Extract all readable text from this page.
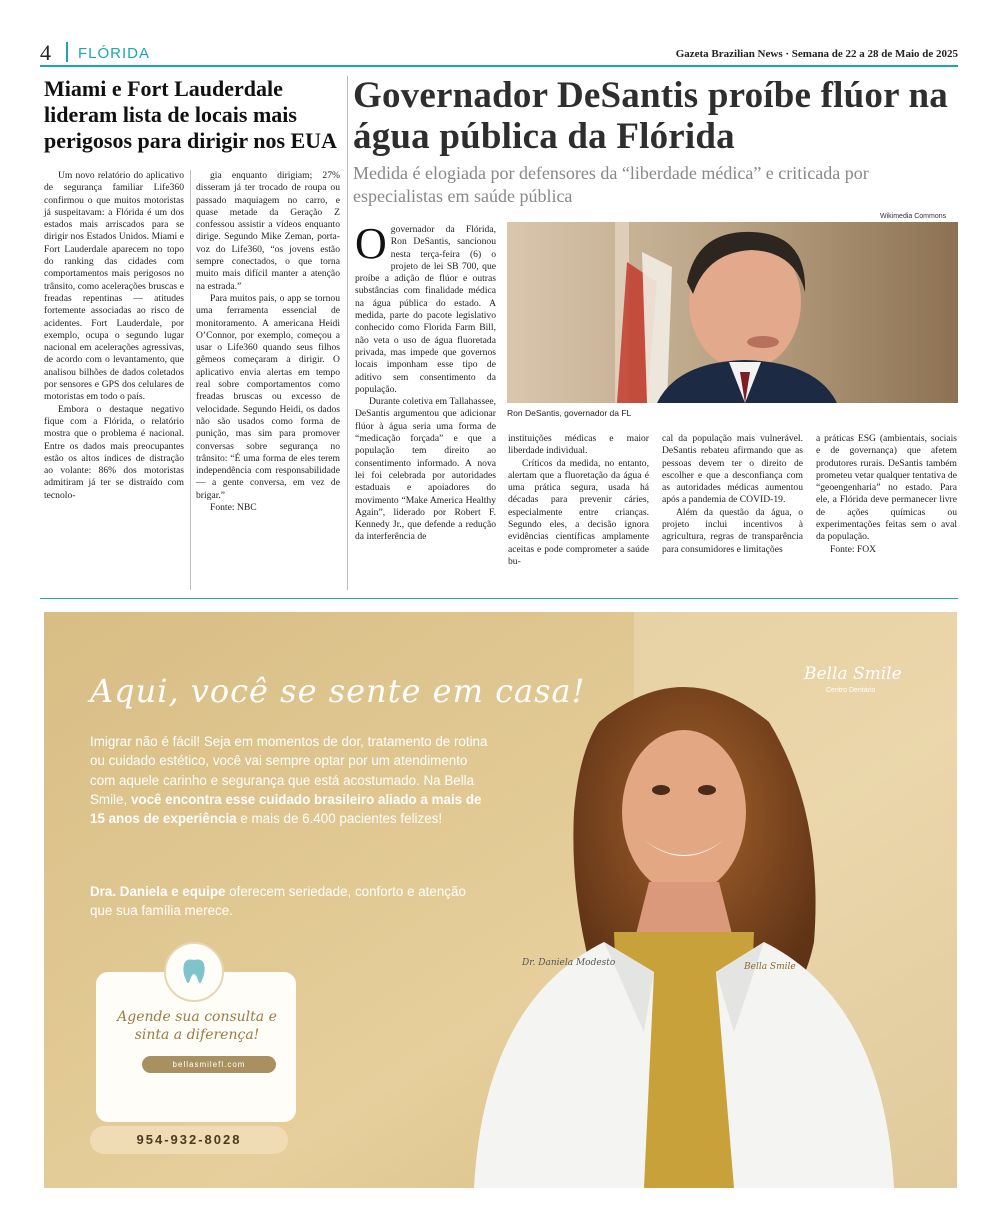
4 FLÓRIDA	Gazeta Brazilian News · Semana de 22 a 28 de Maio de 2025
Miami e Fort Lauderdale lideram lista de locais mais perigosos para dirigir nos EUA

Um novo relatório do aplicativo de segurança familiar Life360 confirmou o que muitos motoristas já suspeitavam: a Flórida é um dos estados mais arriscados para se dirigir nos Estados Unidos. Miami e Fort Lauderdale aparecem no topo do ranking das cidades com comportamentos mais perigosos no trânsito, como acelerações bruscas e freadas repentinas — atitudes fortemente associadas ao risco de acidentes. Fort Lauderdale, por exemplo, ocupa o segundo lugar nacional em acelerações agressivas, de acordo com o levantamento, que analisou bilhões de dados coletados por sensores e GPS dos celulares de motoristas em todo o país.

Embora o destaque negativo fique com a Flórida, o relatório mostra que o problema é nacional. Entre os dados mais preocupantes estão os altos índices de distração ao volante: 86% dos motoristas admitiram já ter se distraído com tecnolo-

gia enquanto dirigiam; 27% disseram já ter trocado de roupa ou passado maquiagem no carro, e quase metade da Geração Z confessou assistir a vídeos enquanto dirige. Segundo Mike Zeman, porta-voz do Life360, “os jovens estão sempre conectados, o que torna muito mais difícil manter a atenção na estrada.”

Para muitos pais, o app se tornou uma ferramenta essencial de monitoramento. A americana Heidi O’Connor, por exemplo, começou a usar o Life360 quando seus filhos gêmeos começaram a dirigir. O aplicativo envia alertas em tempo real sobre comportamentos como freadas bruscas ou excesso de velocidade. Segundo Heidi, os dados não são usados como forma de punição, mas sim para promover conversas sobre segurança no trânsito: “É uma forma de eles terem independência com responsabilidade — a gente conversa, em vez de brigar.”

Fonte: NBC

Governador DeSantis proíbe flúor na água pública da Flórida
Medida é elogiada por defensores da “liberdade médica” e criticada por especialistas em saúde pública
Wikimedia Commons
Ron DeSantis, governador da FL
O governador da Flórida, Ron DeSantis, sancionou nesta terça-feira (6) o projeto de lei SB 700, que proíbe a adição de flúor e outras substâncias com finalidade médica na água pública do estado. A medida, parte do pacote legislativo conhecido como Florida Farm Bill, não veta o uso de água fluoretada privada, mas impede que governos locais imponham esse tipo de aditivo sem consentimento da população.

Durante coletiva em Tallahassee, DeSantis argumentou que adicionar flúor à água seria uma forma de “medicação forçada” e que a população tem direito ao consentimento informado. A nova lei foi celebrada por autoridades estaduais e apoiadores do movimento “Make America Healthy Again”, liderado por Robert F. Kennedy Jr., que defende a redução da interferência de

instituições médicas e maior liberdade individual.

Críticos da medida, no entanto, alertam que a fluoretação da água é uma prática segura, usada há décadas para prevenir cáries, especialmente entre crianças. Segundo eles, a decisão ignora evidências científicas amplamente aceitas e pode comprometer a saúde bu-

cal da população mais vulnerável. DeSantis rebateu afirmando que as pessoas devem ter o direito de escolher e que a desconfiança com as autoridades médicas aumentou após a pandemia de COVID-19.

Além da questão da água, o projeto inclui incentivos à agricultura, regras de transparência para consumidores e limitações

a práticas ESG (ambientais, sociais e de governança) que afetem produtores rurais. DeSantis também prometeu vetar qualquer tentativa de “geoengenharia” no estado. Para ele, a Flórida deve permanecer livre de ações químicas ou experimentações feitas sem o aval da população.

Fonte: FOX

Aqui, você se sente em casa!
Imigrar não é fácil! Seja em momentos de dor, tratamento de rotina ou cuidado estético, você vai sempre optar por um atendimento com aquele carinho e segurança que está acostumado. Na Bella Smile, você encontra esse cuidado brasileiro aliado a mais de 15 anos de experiência e mais de 6.400 pacientes felizes!
Dra. Daniela e equipe oferecem seriedade, conforto e atenção que sua família merece.
Bella Smile
Centro Dentário
Dr. Daniela Modesto	Bella Smile
Agende sua consulta e sinta a diferença!
bellasmilefl.com
954-932-8028
